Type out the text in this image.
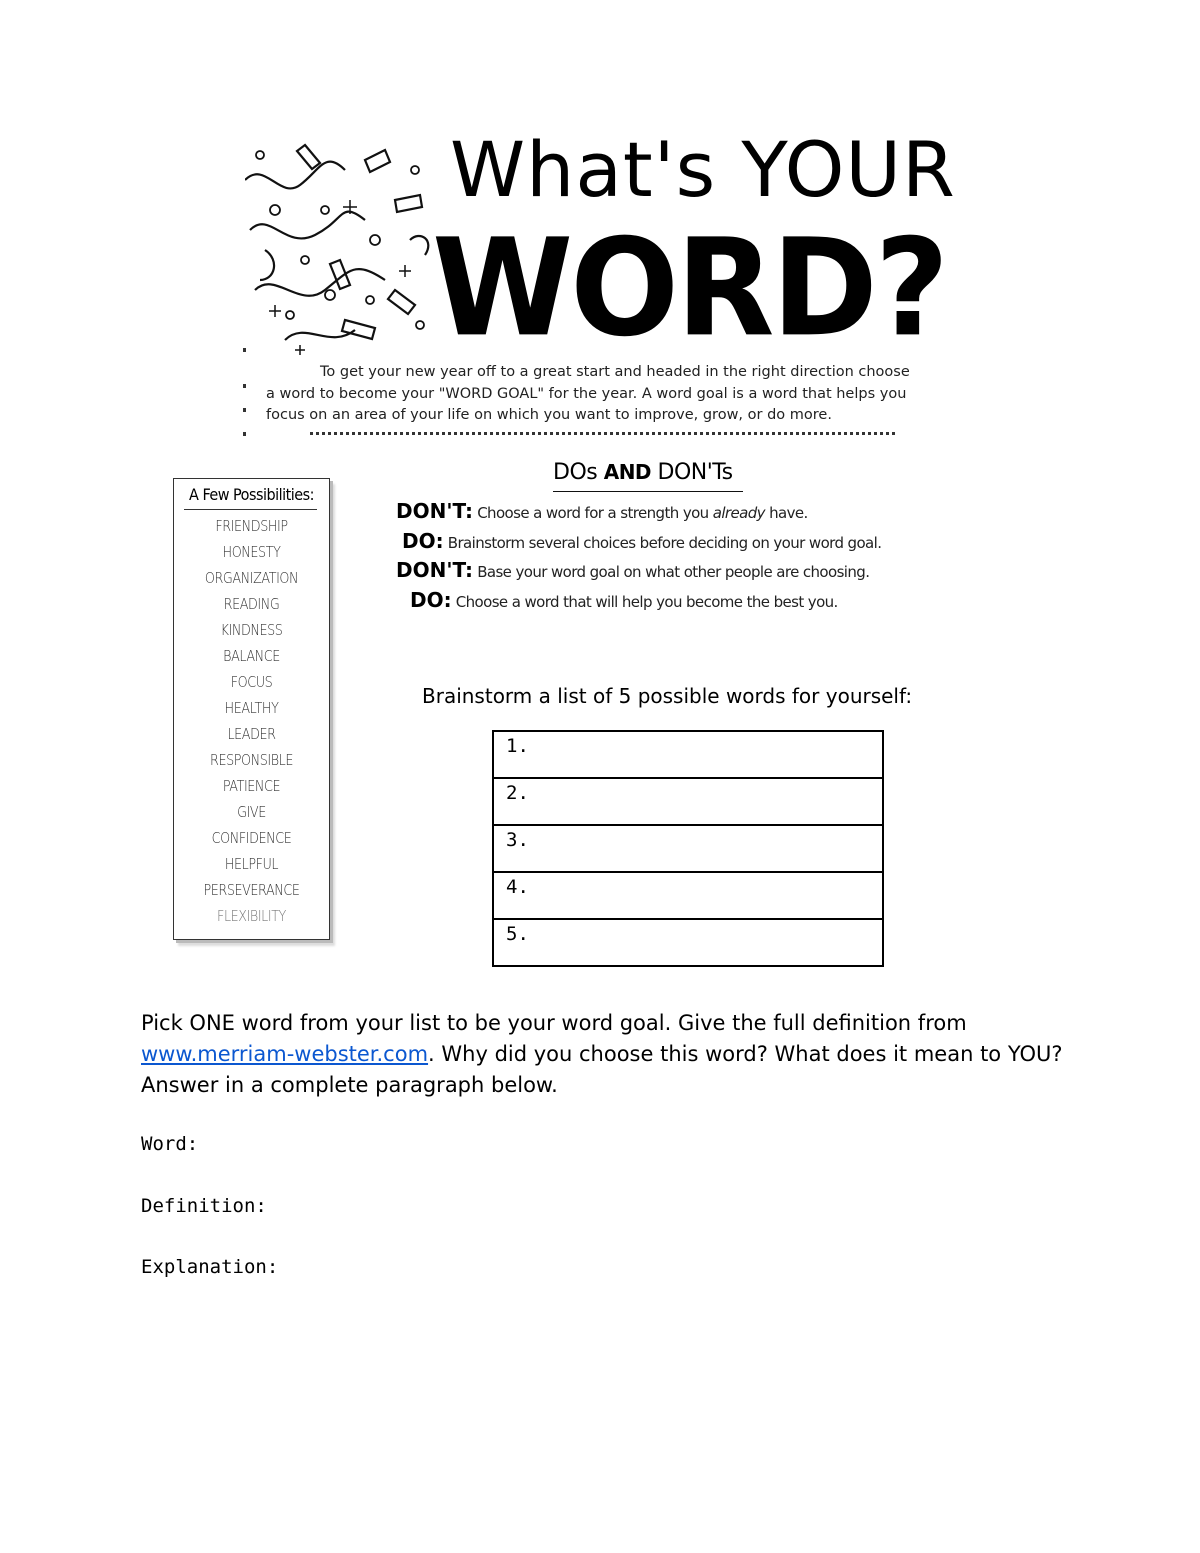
What's YOUR
WORD?
To get your new year off to a great start and headed in the right direction choose
a word to become your "WORD GOAL" for the year. A word goal is a word that helps you
focus on an area of your life on which you want to improve, grow, or do more.
A Few Possibilities:
FRIENDSHIP
HONESTY
ORGANIZATION
READING
KINDNESS
BALANCE
FOCUS
HEALTHY
LEADER
RESPONSIBLE
PATIENCE
GIVE
CONFIDENCE
HELPFUL
PERSEVERANCE
FLEXIBILITY
DOs AND DON'Ts
DON'T: Choose a word for a strength you already have.
DO: Brainstorm several choices before deciding on your word goal.
DON'T: Base your word goal on what other people are choosing.
DO: Choose a word that will help you become the best you.
Brainstorm a list of 5 possible words for yourself:
1.
2.
3.
4.
5.
Pick ONE word from your list to be your word goal. Give the full definition from www.merriam-webster.com. Why did you choose this word? What does it mean to YOU? Answer in a complete paragraph below.
Word:
Definition:
Explanation:
